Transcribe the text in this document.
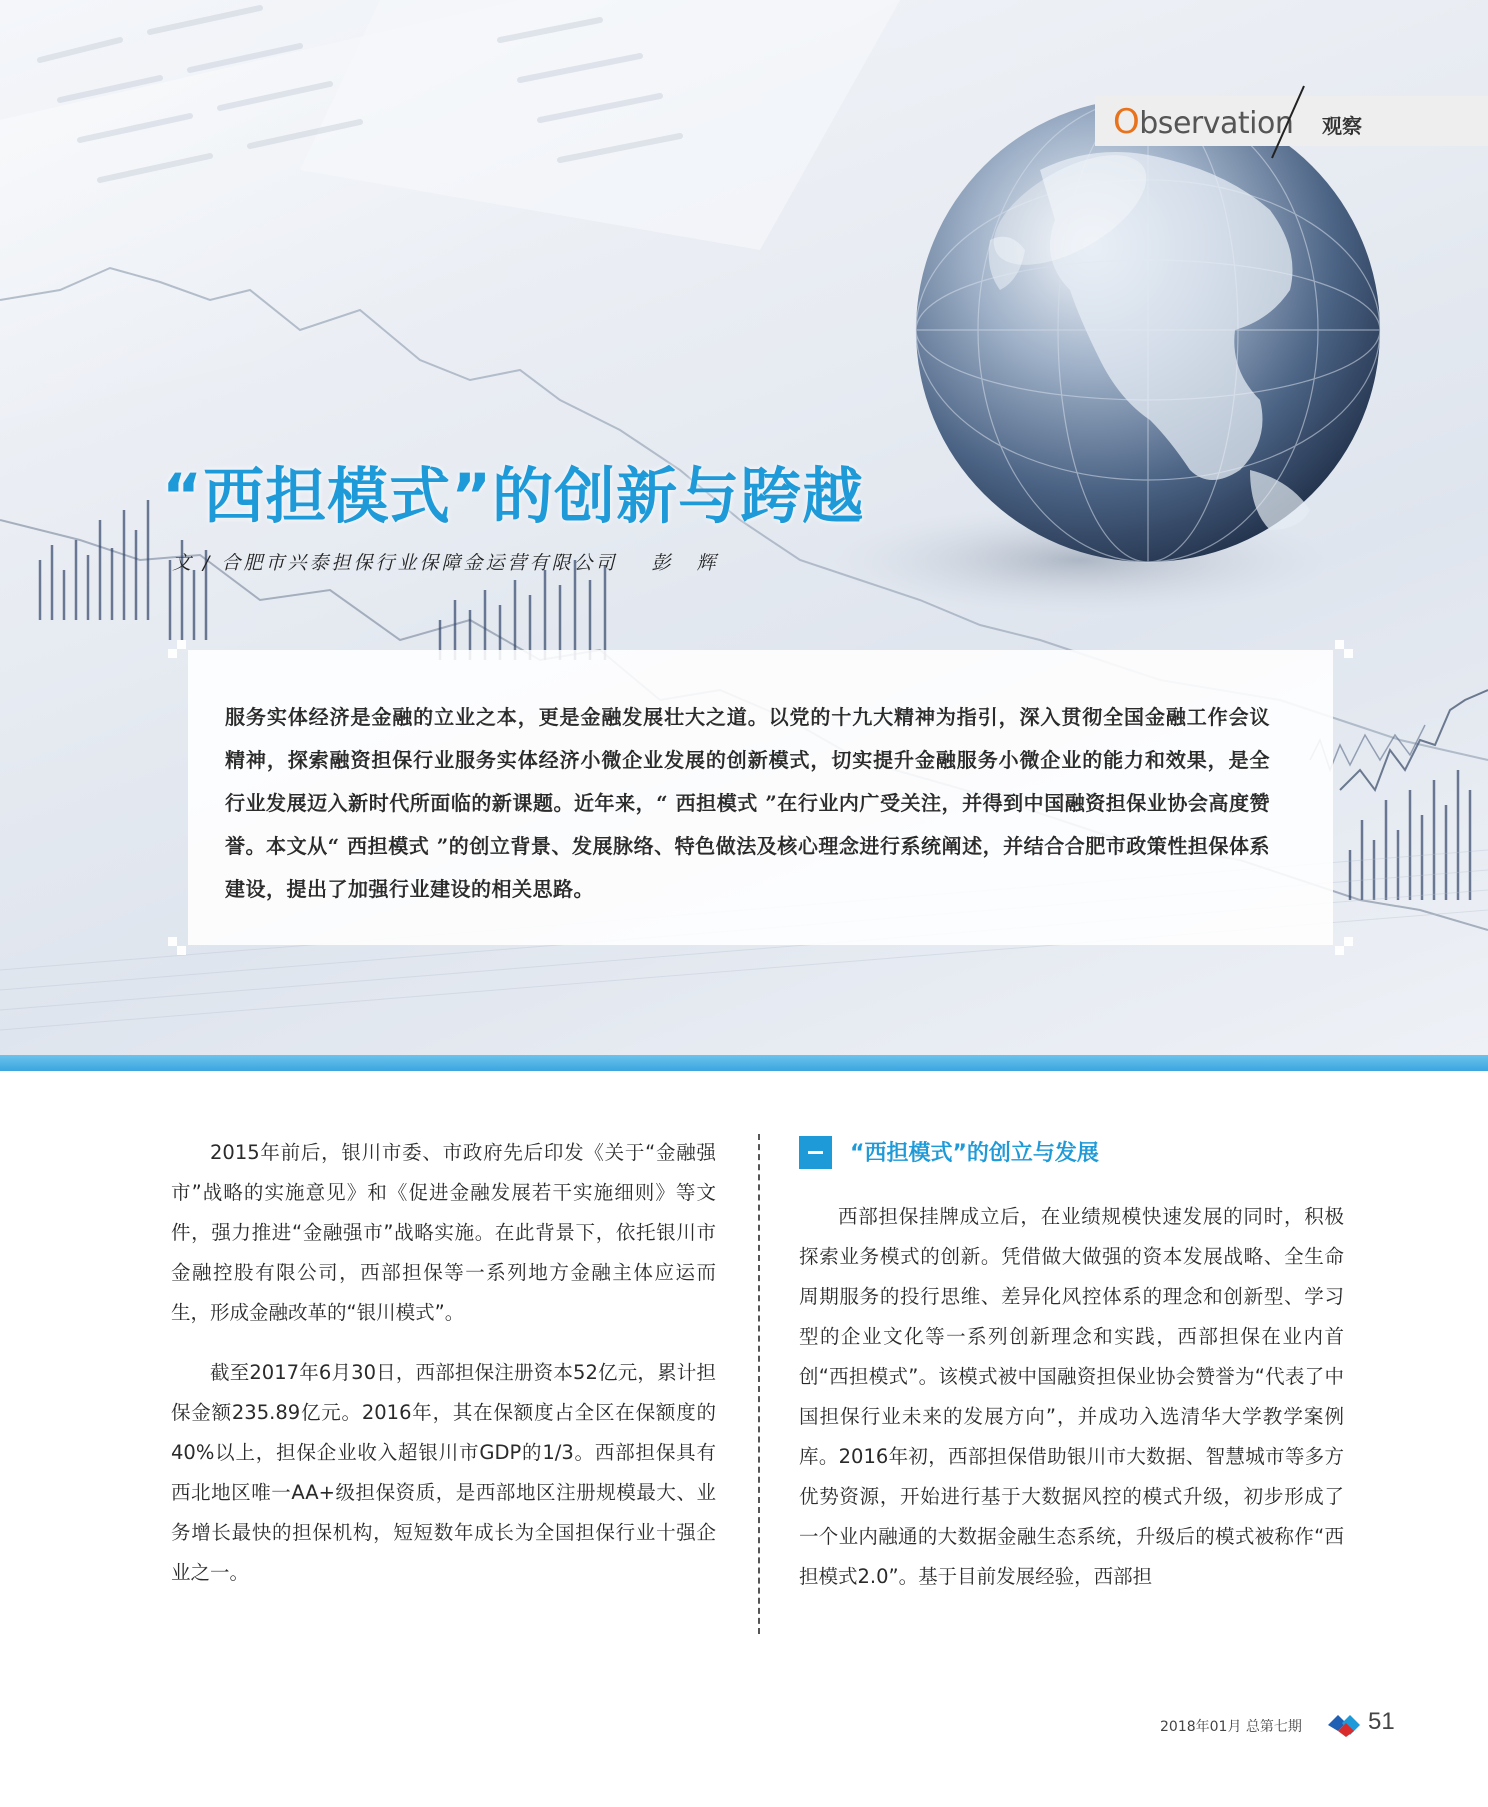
Observation 观察
“西担模式”的创新与跨越
文 / 合肥市兴泰担保行业保障金运营有限公司 彭 辉

服务实体经济是金融的立业之本，更是金融发展壮大之道。以党的十九大精神为指引，深入贯彻全国金融工作会议精神，探索融资担保行业服务实体经济小微企业发展的创新模式，切实提升金融服务小微企业的能力和效果，是全行业发展迈入新时代所面临的新课题。近年来，“ 西担模式 ”在行业内广受关注，并得到中国融资担保业协会高度赞誉。本文从“ 西担模式 ”的创立背景、发展脉络、特色做法及核心理念进行系统阐述，并结合合肥市政策性担保体系建设，提出了加强行业建设的相关思路。

2015年前后，银川市委、市政府先后印发《关于“金融强市”战略的实施意见》和《促进金融发展若干实施细则》等文件，强力推进“金融强市”战略实施。在此背景下，依托银川市金融控股有限公司，西部担保等一系列地方金融主体应运而生，形成金融改革的“银川模式”。

截至2017年6月30日，西部担保注册资本52亿元，累计担保金额235.89亿元。2016年，其在保额度占全区在保额度的40%以上，担保企业收入超银川市GDP的1/3。西部担保具有西北地区唯一AA+级担保资质，是西部地区注册规模最大、业务增长最快的担保机构，短短数年成长为全国担保行业十强企业之一。

“西担模式”的创立与发展

西部担保挂牌成立后，在业绩规模快速发展的同时，积极探索业务模式的创新。凭借做大做强的资本发展战略、全生命周期服务的投行思维、差异化风控体系的理念和创新型、学习型的企业文化等一系列创新理念和实践，西部担保在业内首创“西担模式”。该模式被中国融资担保业协会赞誉为“代表了中国担保行业未来的发展方向”，并成功入选清华大学教学案例库。2016年初，西部担保借助银川市大数据、智慧城市等多方优势资源，开始进行基于大数据风控的模式升级，初步形成了一个业内融通的大数据金融生态系统，升级后的模式被称作“西担模式2.0”。基于目前发展经验，西部担

2018年01月 总第七期	51
